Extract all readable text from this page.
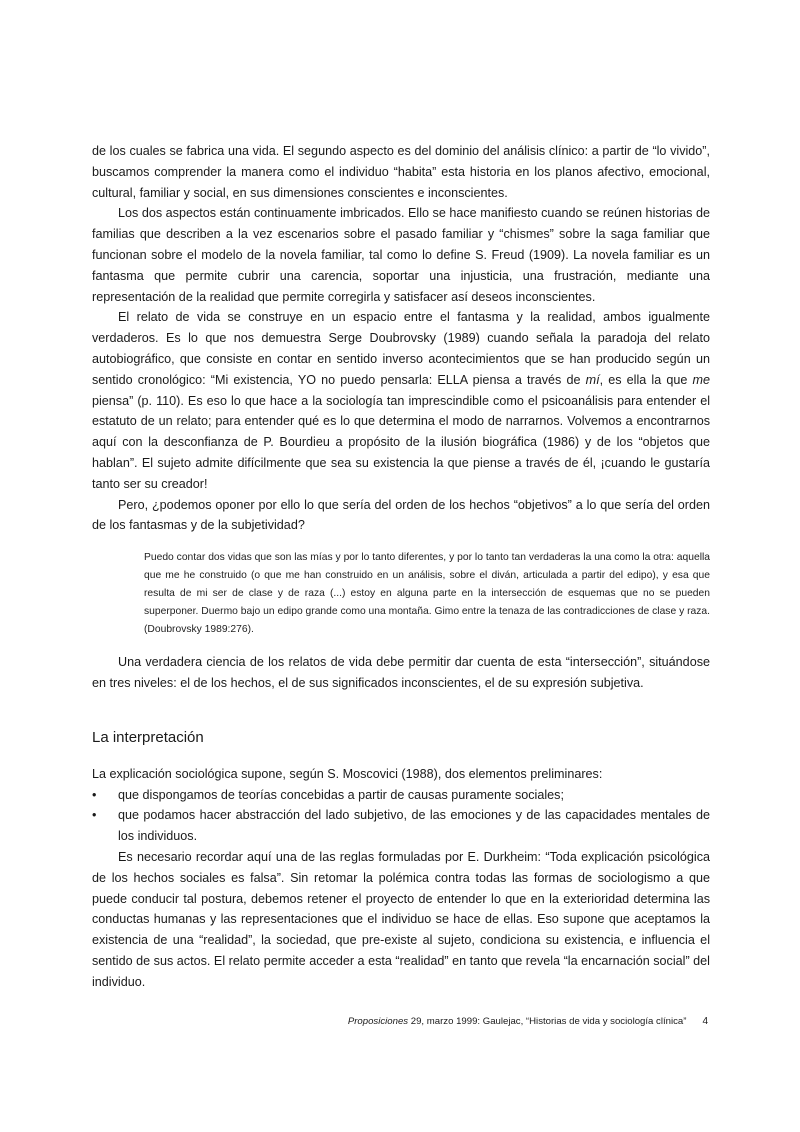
de los cuales se fabrica una vida. El segundo aspecto es del dominio del análisis clínico: a partir de “lo vivido”, buscamos comprender la manera como el individuo “habita” esta historia en los planos afectivo, emocional, cultural, familiar y social, en sus dimensiones conscientes e inconscientes.

Los dos aspectos están continuamente imbricados. Ello se hace manifiesto cuando se reúnen historias de familias que describen a la vez escenarios sobre el pasado familiar y “chismes” sobre la saga familiar que funcionan sobre el modelo de la novela familiar, tal como lo define S. Freud (1909). La novela familiar es un fantasma que permite cubrir una carencia, soportar una injusticia, una frustración, mediante una representación de la realidad que permite corregirla y satisfacer así deseos inconscientes.

El relato de vida se construye en un espacio entre el fantasma y la realidad, ambos igualmente verdaderos. Es lo que nos demuestra Serge Doubrovsky (1989) cuando señala la paradoja del relato autobiográfico, que consiste en contar en sentido inverso acontecimientos que se han producido según un sentido cronológico: “Mi existencia, YO no puedo pensarla: ELLA piensa a través de mí, es ella la que me piensa” (p. 110). Es eso lo que hace a la sociología tan imprescindible como el psicoanálisis para entender el estatuto de un relato; para entender qué es lo que determina el modo de narrarnos. Volvemos a encontrarnos aquí con la desconfianza de P. Bourdieu a propósito de la ilusión biográfica (1986) y de los “objetos que hablan”. El sujeto admite difícilmente que sea su existencia la que piense a través de él, ¡cuando le gustaría tanto ser su creador!

Pero, ¿podemos oponer por ello lo que sería del orden de los hechos “objetivos” a lo que sería del orden de los fantasmas y de la subjetividad?

Puedo contar dos vidas que son las mías y por lo tanto diferentes, y por lo tanto tan verdaderas la una como la otra: aquella que me he construido (o que me han construido en un análisis, sobre el diván, articulada a partir del edipo), y esa que resulta de mi ser de clase y de raza (...) estoy en alguna parte en la intersección de esquemas que no se pueden superponer. Duermo bajo un edipo grande como una montaña. Gimo entre la tenaza de las contradicciones de clase y raza. (Doubrovsky 1989:276).

Una verdadera ciencia de los relatos de vida debe permitir dar cuenta de esta “intersección”, situándose en tres niveles: el de los hechos, el de sus significados inconscientes, el de su expresión subjetiva.

La interpretación

La explicación sociológica supone, según S. Moscovici (1988), dos elementos preliminares:

• que dispongamos de teorías concebidas a partir de causas puramente sociales;
• que podamos hacer abstracción del lado subjetivo, de las emociones y de las capacidades mentales de los individuos.

Es necesario recordar aquí una de las reglas formuladas por E. Durkheim: “Toda explicación psicológica de los hechos sociales es falsa”. Sin retomar la polémica contra todas las formas de sociologismo a que puede conducir tal postura, debemos retener el proyecto de entender lo que en la exterioridad determina las conductas humanas y las representaciones que el individuo se hace de ellas. Eso supone que aceptamos la existencia de una “realidad”, la sociedad, que pre-existe al sujeto, condiciona su existencia, e influencia el sentido de sus actos. El relato permite acceder a esta “realidad” en tanto que revela “la encarnación social” del individuo.

Proposiciones 29, marzo 1999: Gaulejac, “Historias de vida y sociología clínica” 4
